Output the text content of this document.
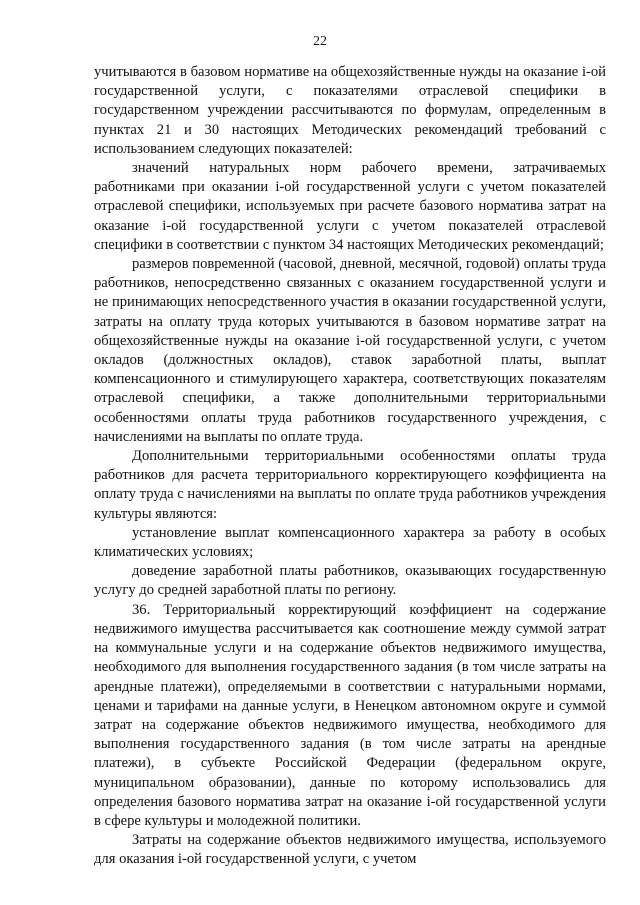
22

учитываются в базовом нормативе на общехозяйственные нужды на оказание i-ой государственной услуги, с показателями отраслевой специфики в государственном учреждении рассчитываются по формулам, определенным в пунктах 21 и 30 настоящих Методических рекомендаций требований с использованием следующих показателей:

значений натуральных норм рабочего времени, затрачиваемых работниками при оказании i-ой государственной услуги с учетом показателей отраслевой специфики, используемых при расчете базового норматива затрат на оказание i-ой государственной услуги с учетом показателей отраслевой специфики в соответствии с пунктом 34 настоящих Методических рекомендаций;

размеров повременной (часовой, дневной, месячной, годовой) оплаты труда работников, непосредственно связанных с оказанием государственной услуги и не принимающих непосредственного участия в оказании государственной услуги, затраты на оплату труда которых учитываются в базовом нормативе затрат на общехозяйственные нужды на оказание i-ой государственной услуги, с учетом окладов (должностных окладов), ставок заработной платы, выплат компенсационного и стимулирующего характера, соответствующих показателям отраслевой специфики, а также дополнительными территориальными особенностями оплаты труда работников государственного учреждения, с начислениями на выплаты по оплате труда.

Дополнительными территориальными особенностями оплаты труда работников для расчета территориального корректирующего коэффициента на оплату труда с начислениями на выплаты по оплате труда работников учреждения культуры являются:

установление выплат компенсационного характера за работу в особых климатических условиях;

доведение заработной платы работников, оказывающих государственную услугу до средней заработной платы по региону.

36. Территориальный корректирующий коэффициент на содержание недвижимого имущества рассчитывается как соотношение между суммой затрат на коммунальные услуги и на содержание объектов недвижимого имущества, необходимого для выполнения государственного задания (в том числе затраты на арендные платежи), определяемыми в соответствии с натуральными нормами, ценами и тарифами на данные услуги, в Ненецком автономном округе и суммой затрат на содержание объектов недвижимого имущества, необходимого для выполнения государственного задания (в том числе затраты на арендные платежи), в субъекте Российской Федерации (федеральном округе, муниципальном образовании), данные по которому использовались для определения базового норматива затрат на оказание i-ой государственной услуги в сфере культуры и молодежной политики.

Затраты на содержание объектов недвижимого имущества, используемого для оказания i-ой государственной услуги, с учетом
